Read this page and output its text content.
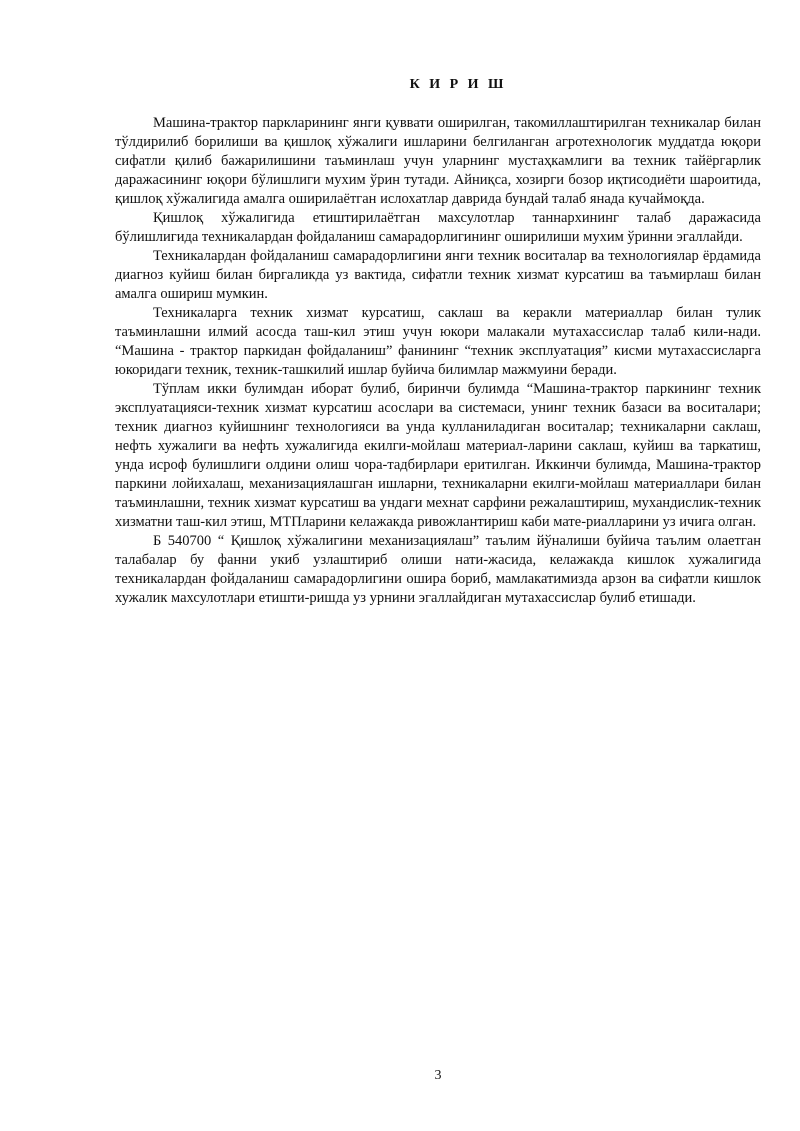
К И Р И Ш

Машина-трактор паркларининг янги қуввати оширилган, такомиллаштирилган техникалар билан тўлдирилиб борилиши ва қишлоқ хўжалиги ишларини белгиланган агротехнологик муддатда юқори сифатли қилиб бажарилишини таъминлаш учун уларнинг мустаҳкамлиги ва техник тайёргарлик даражасининг юқори бўлишлиги мухим ўрин тутади. Айниқса, хозирги бозор иқтисодиёти шароитида, қишлоқ хўжалигида амалга оширилаётган ислохатлар даврида бундай талаб янада кучаймоқда.

Қишлоқ хўжалигида етиштирилаётган махсулотлар таннархининг талаб даражасида бўлишлигида техникалардан фойдаланиш самарадорлигининг оширилиши мухим ўринни эгаллайди.

Техникалардан фойдаланиш самарадорлигини янги техник воситалар ва технологиялар ёрдамида диагноз куйиш билан биргаликда уз вактида, сифатли техник хизмат курсатиш ва таъмирлаш билан амалга ошириш мумкин.

Техникаларга техник хизмат курсатиш, саклаш ва керакли материаллар билан тулик таъминлашни илмий асосда таш-кил этиш учун юкори малакали мутахассислар талаб кили-нади. “Машина - трактор паркидан фойдаланиш” фанининг “техник эксплуатация” кисми мутахассисларга юкоридаги техник, техник-ташкилий ишлар буйича билимлар мажмуини беради.

Тўплам икки булимдан иборат булиб, биринчи булимда “Машина-трактор паркининг техник эксплуатацияси-техник хизмат курсатиш асослари ва системаси, унинг техник базаси ва воситалари; техник диагноз куйишнинг технологияси ва унда кулланиладиган воситалар; техникаларни саклаш, нефть хужалиги ва нефть хужалигида екилги-мойлаш материал-ларини саклаш, куйиш ва таркатиш, унда исроф булишлиги олдини олиш чора-тадбирлари еритилган. Иккинчи булимда, Машина-трактор паркини лойихалаш, механизациялашган ишларни, техникаларни екилги-мойлаш материаллари билан таъминлашни, техник хизмат курсатиш ва ундаги мехнат сарфини режалаштириш, мухандислик-техник хизматни таш-кил этиш, МТПларини келажакда ривожлантириш каби мате-риалларини уз ичига олган.

Б 540700 “ Қишлоқ хўжалигини механизациялаш” таълим йўналиши буйича таълим олаетган талабалар бу фанни укиб узлаштириб олиши нати-жасида, келажакда кишлок хужалигида техникалардан фойдаланиш самарадорлигини ошира бориб, мамлакатимизда арзон ва сифатли кишлок хужалик махсулотлари етишти-ришда уз урнини эгаллайдиган мутахассислар булиб етишади.

3
